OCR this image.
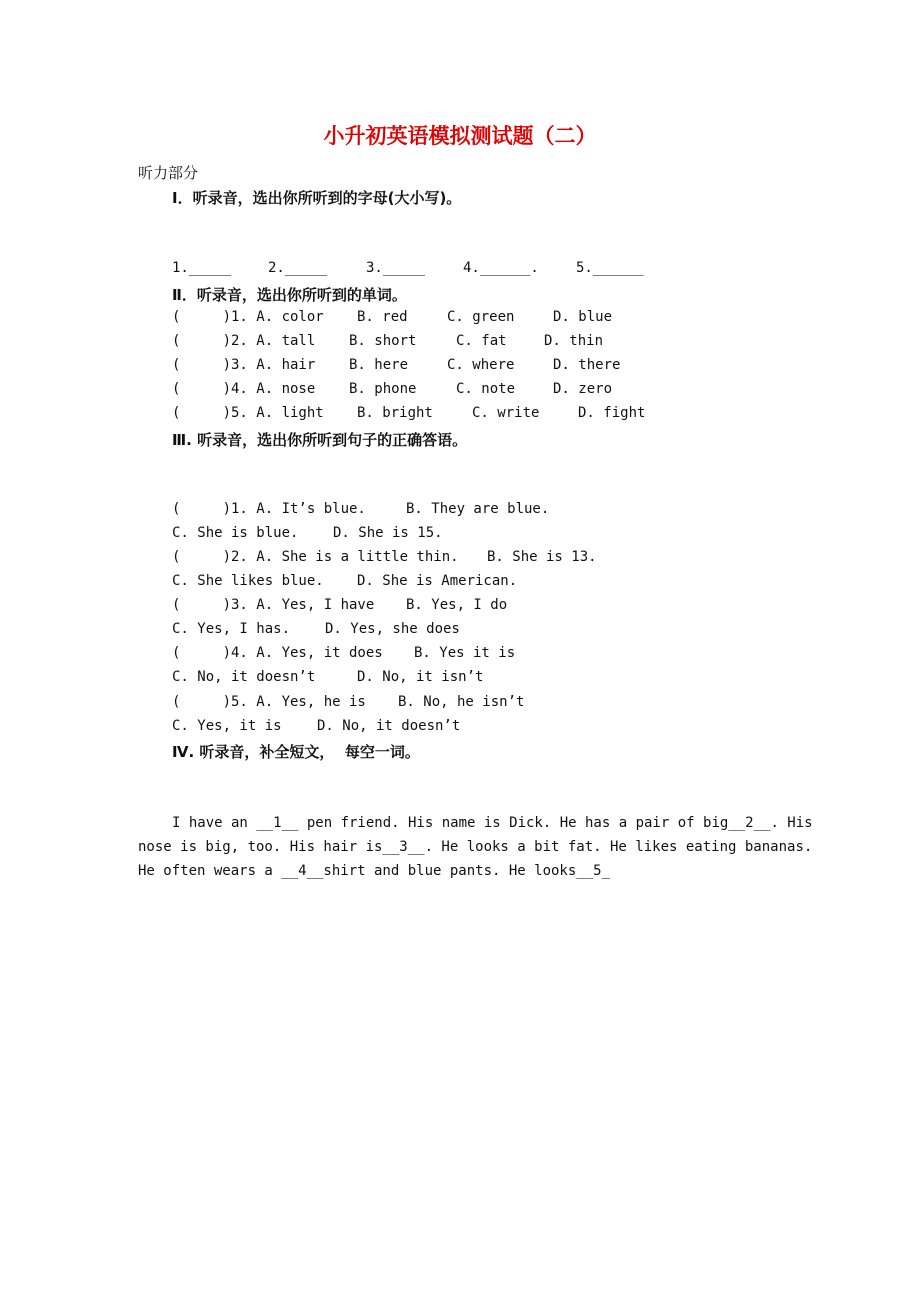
小升初英语模拟测试题（二）
听力部分
Ⅰ．听录音，选出你所听到的字母(大小写)。
1._____	2._____	3._____	4.______.	5.______
Ⅱ．听录音，选出你所听到的单词。
(     )1. A. color B. red	C. green	D. blue
(     )2. A. tall B. short	C. fat	D. thin
(     )3. A. hair B. here	C. where	D. there
(     )4. A. nose B. phone	C. note	D. zero
(     )5. A. light B. bright	C. write	D. fight
Ⅲ. 听录音，选出你所听到句子的正确答语。
(     )1. A. It’s blue.	B. They are blue.
C. She is blue. D. She is 15.
(     )2. A. She is a little thin. B. She is 13.
C. She likes blue. D. She is American.
(     )3. A. Yes, I have B. Yes, I do
C. Yes, I has. D. Yes, she does
(     )4. A. Yes, it does B. Yes it is
C. No, it doesn’t	D. No, it isn’t
(     )5. A. Yes, he is B. No, he isn’t
C. Yes, it is	D. No, it doesn’t
Ⅳ. 听录音，补全短文，  每空一词。
I have an __1__ pen friend. His name is Dick. He has a pair of big__2__. His
nose is big, too. His hair is__3__. He looks a bit fat. He likes eating bananas.
He often wears a __4__shirt and blue pants. He looks__5_
